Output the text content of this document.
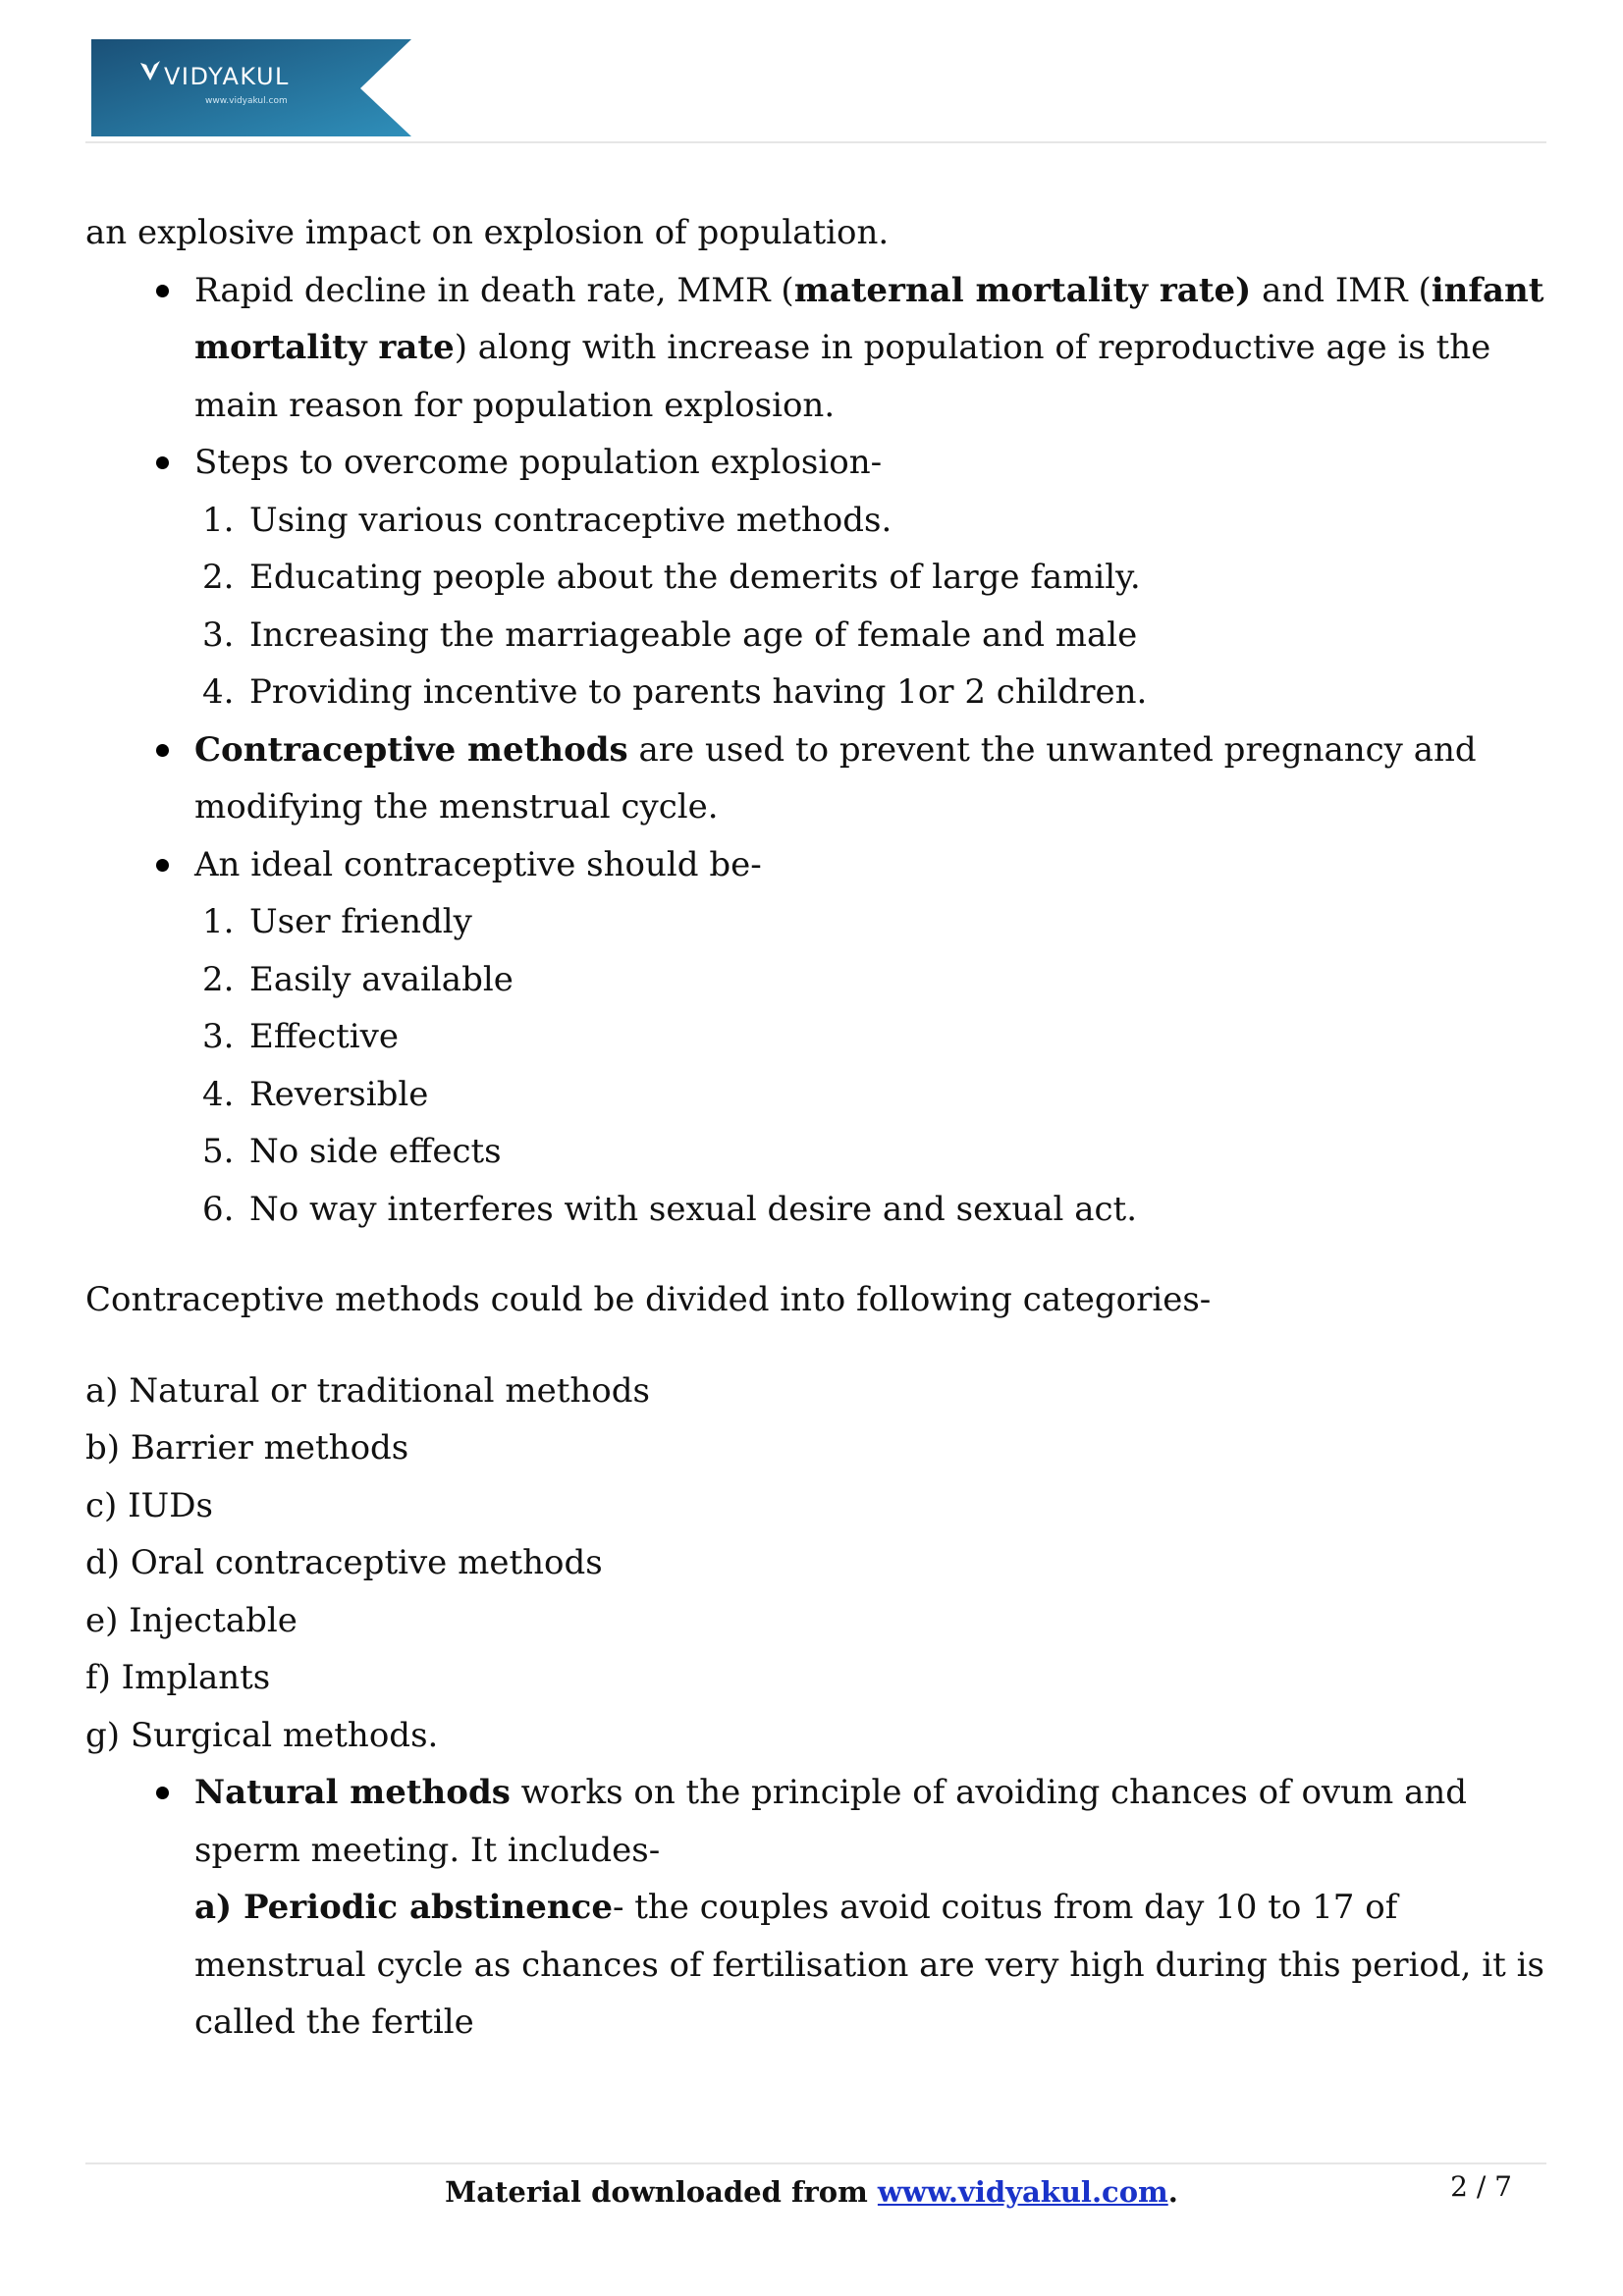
VIDYAKUL
www.vidyakul.com

an explosive impact on explosion of population.

Rapid decline in death rate, MMR (maternal mortality rate) and IMR (infant mortality rate) along with increase in population of reproductive age is the main reason for population explosion.
Steps to overcome population explosion-
1. Using various contraceptive methods.
2. Educating people about the demerits of large family.
3. Increasing the marriageable age of female and male
4. Providing incentive to parents having 1or 2 children.
Contraceptive methods are used to prevent the unwanted pregnancy and modifying the menstrual cycle.
An ideal contraceptive should be-
1. User friendly
2. Easily available
3. Effective
4. Reversible
5. No side effects
6. No way interferes with sexual desire and sexual act.

Contraceptive methods could be divided into following categories-

a) Natural or traditional methods

b) Barrier methods

c) IUDs

d) Oral contraceptive methods

e) Injectable

f) Implants

g) Surgical methods.

Natural methods works on the principle of avoiding chances of ovum and sperm meeting. It includes-
a) Periodic abstinence- the couples avoid coitus from day 10 to 17 of menstrual cycle as chances of fertilisation are very high during this period, it is called the fertile
Material downloaded from www.vidyakul.com.	2 / 7
